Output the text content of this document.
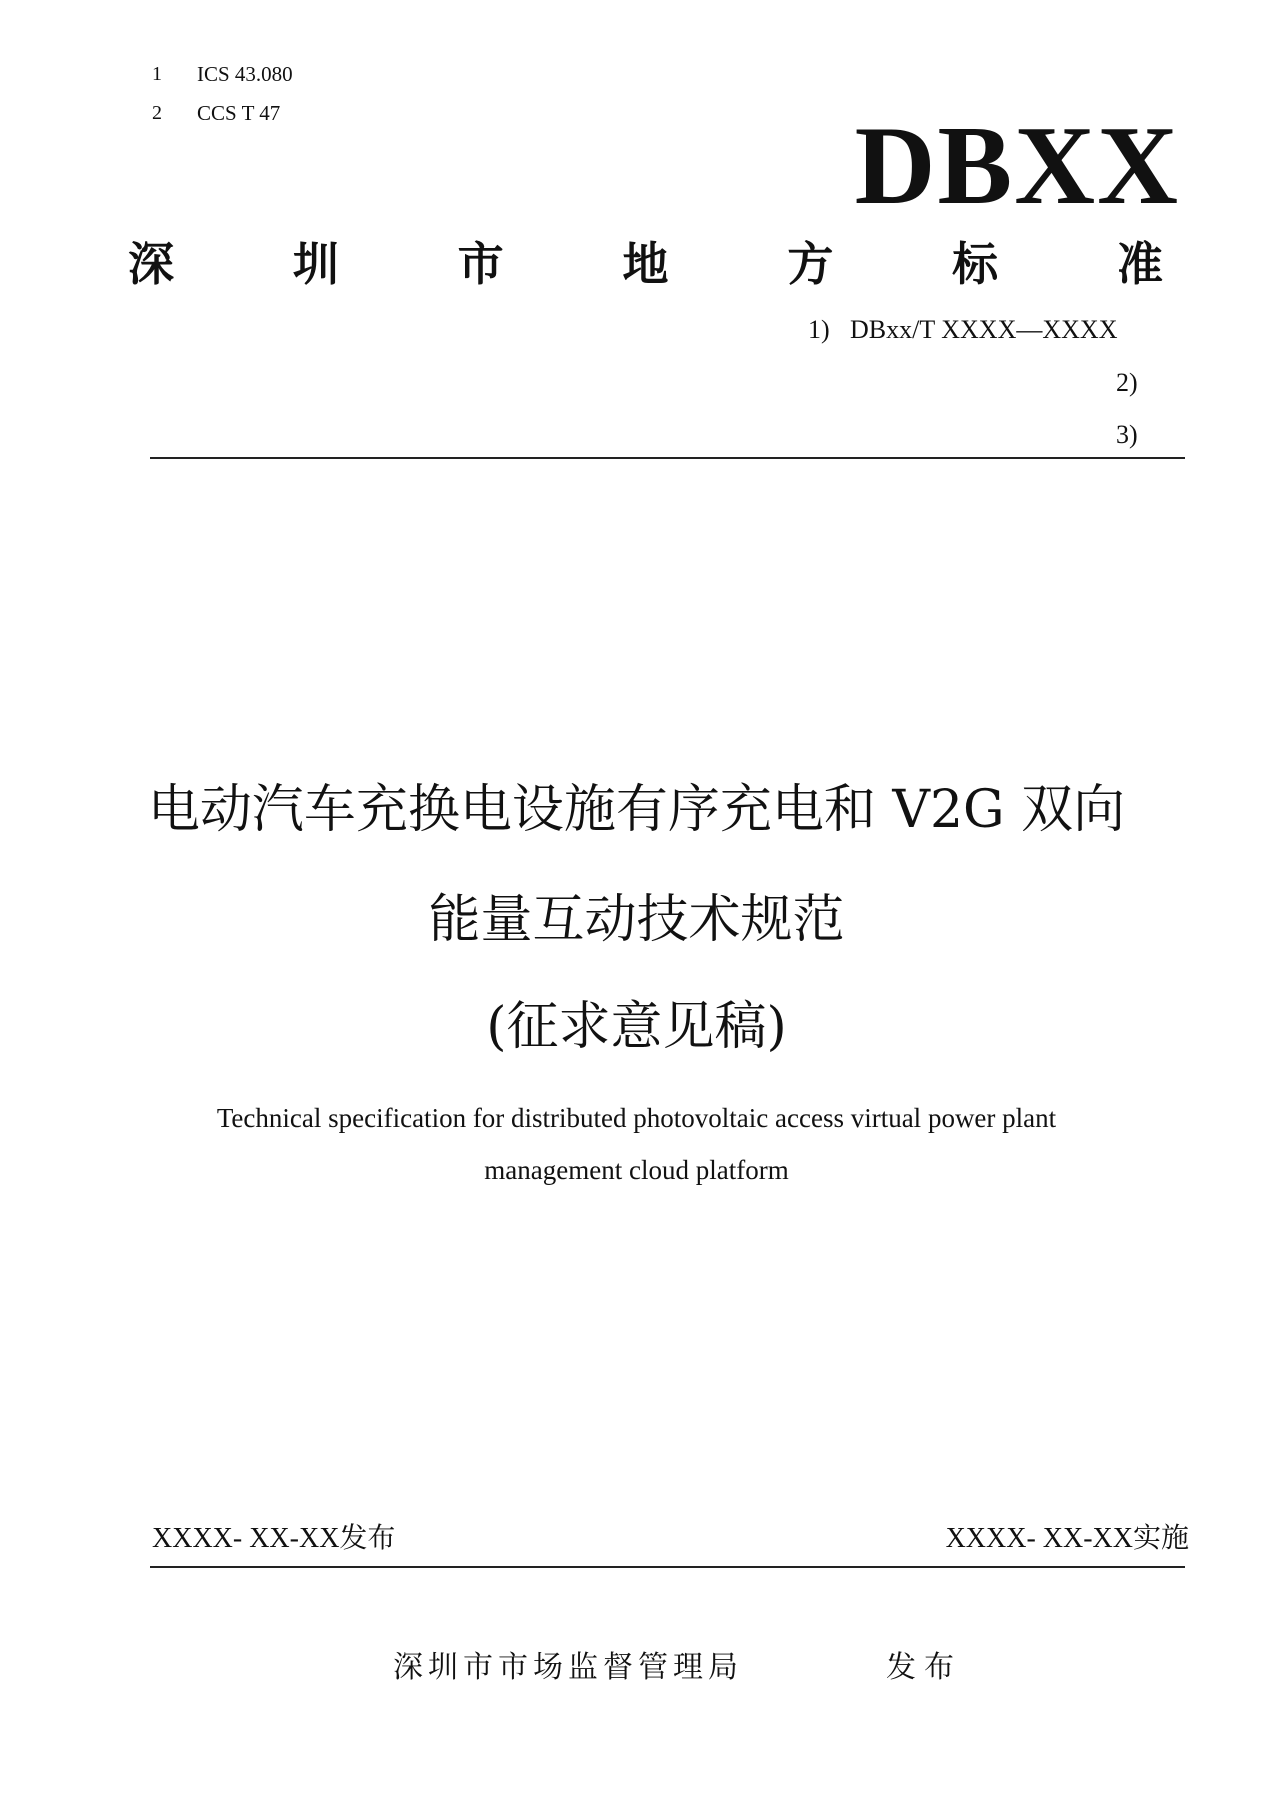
1 ICS 43.080
2 CCS T 47	DBXX
深	圳	市	地	方	标	准
1) DBxx/T XXXX—XXXX
2)
3)
电动汽车充换电设施有序充电和 V2G 双向
能量互动技术规范
(征求意见稿)
Technical specification for distributed photovoltaic access virtual power plant
management cloud platform
XXXX- XX-XX发布	XXXX- XX-XX实施
深圳市市场监督管理局	发布
